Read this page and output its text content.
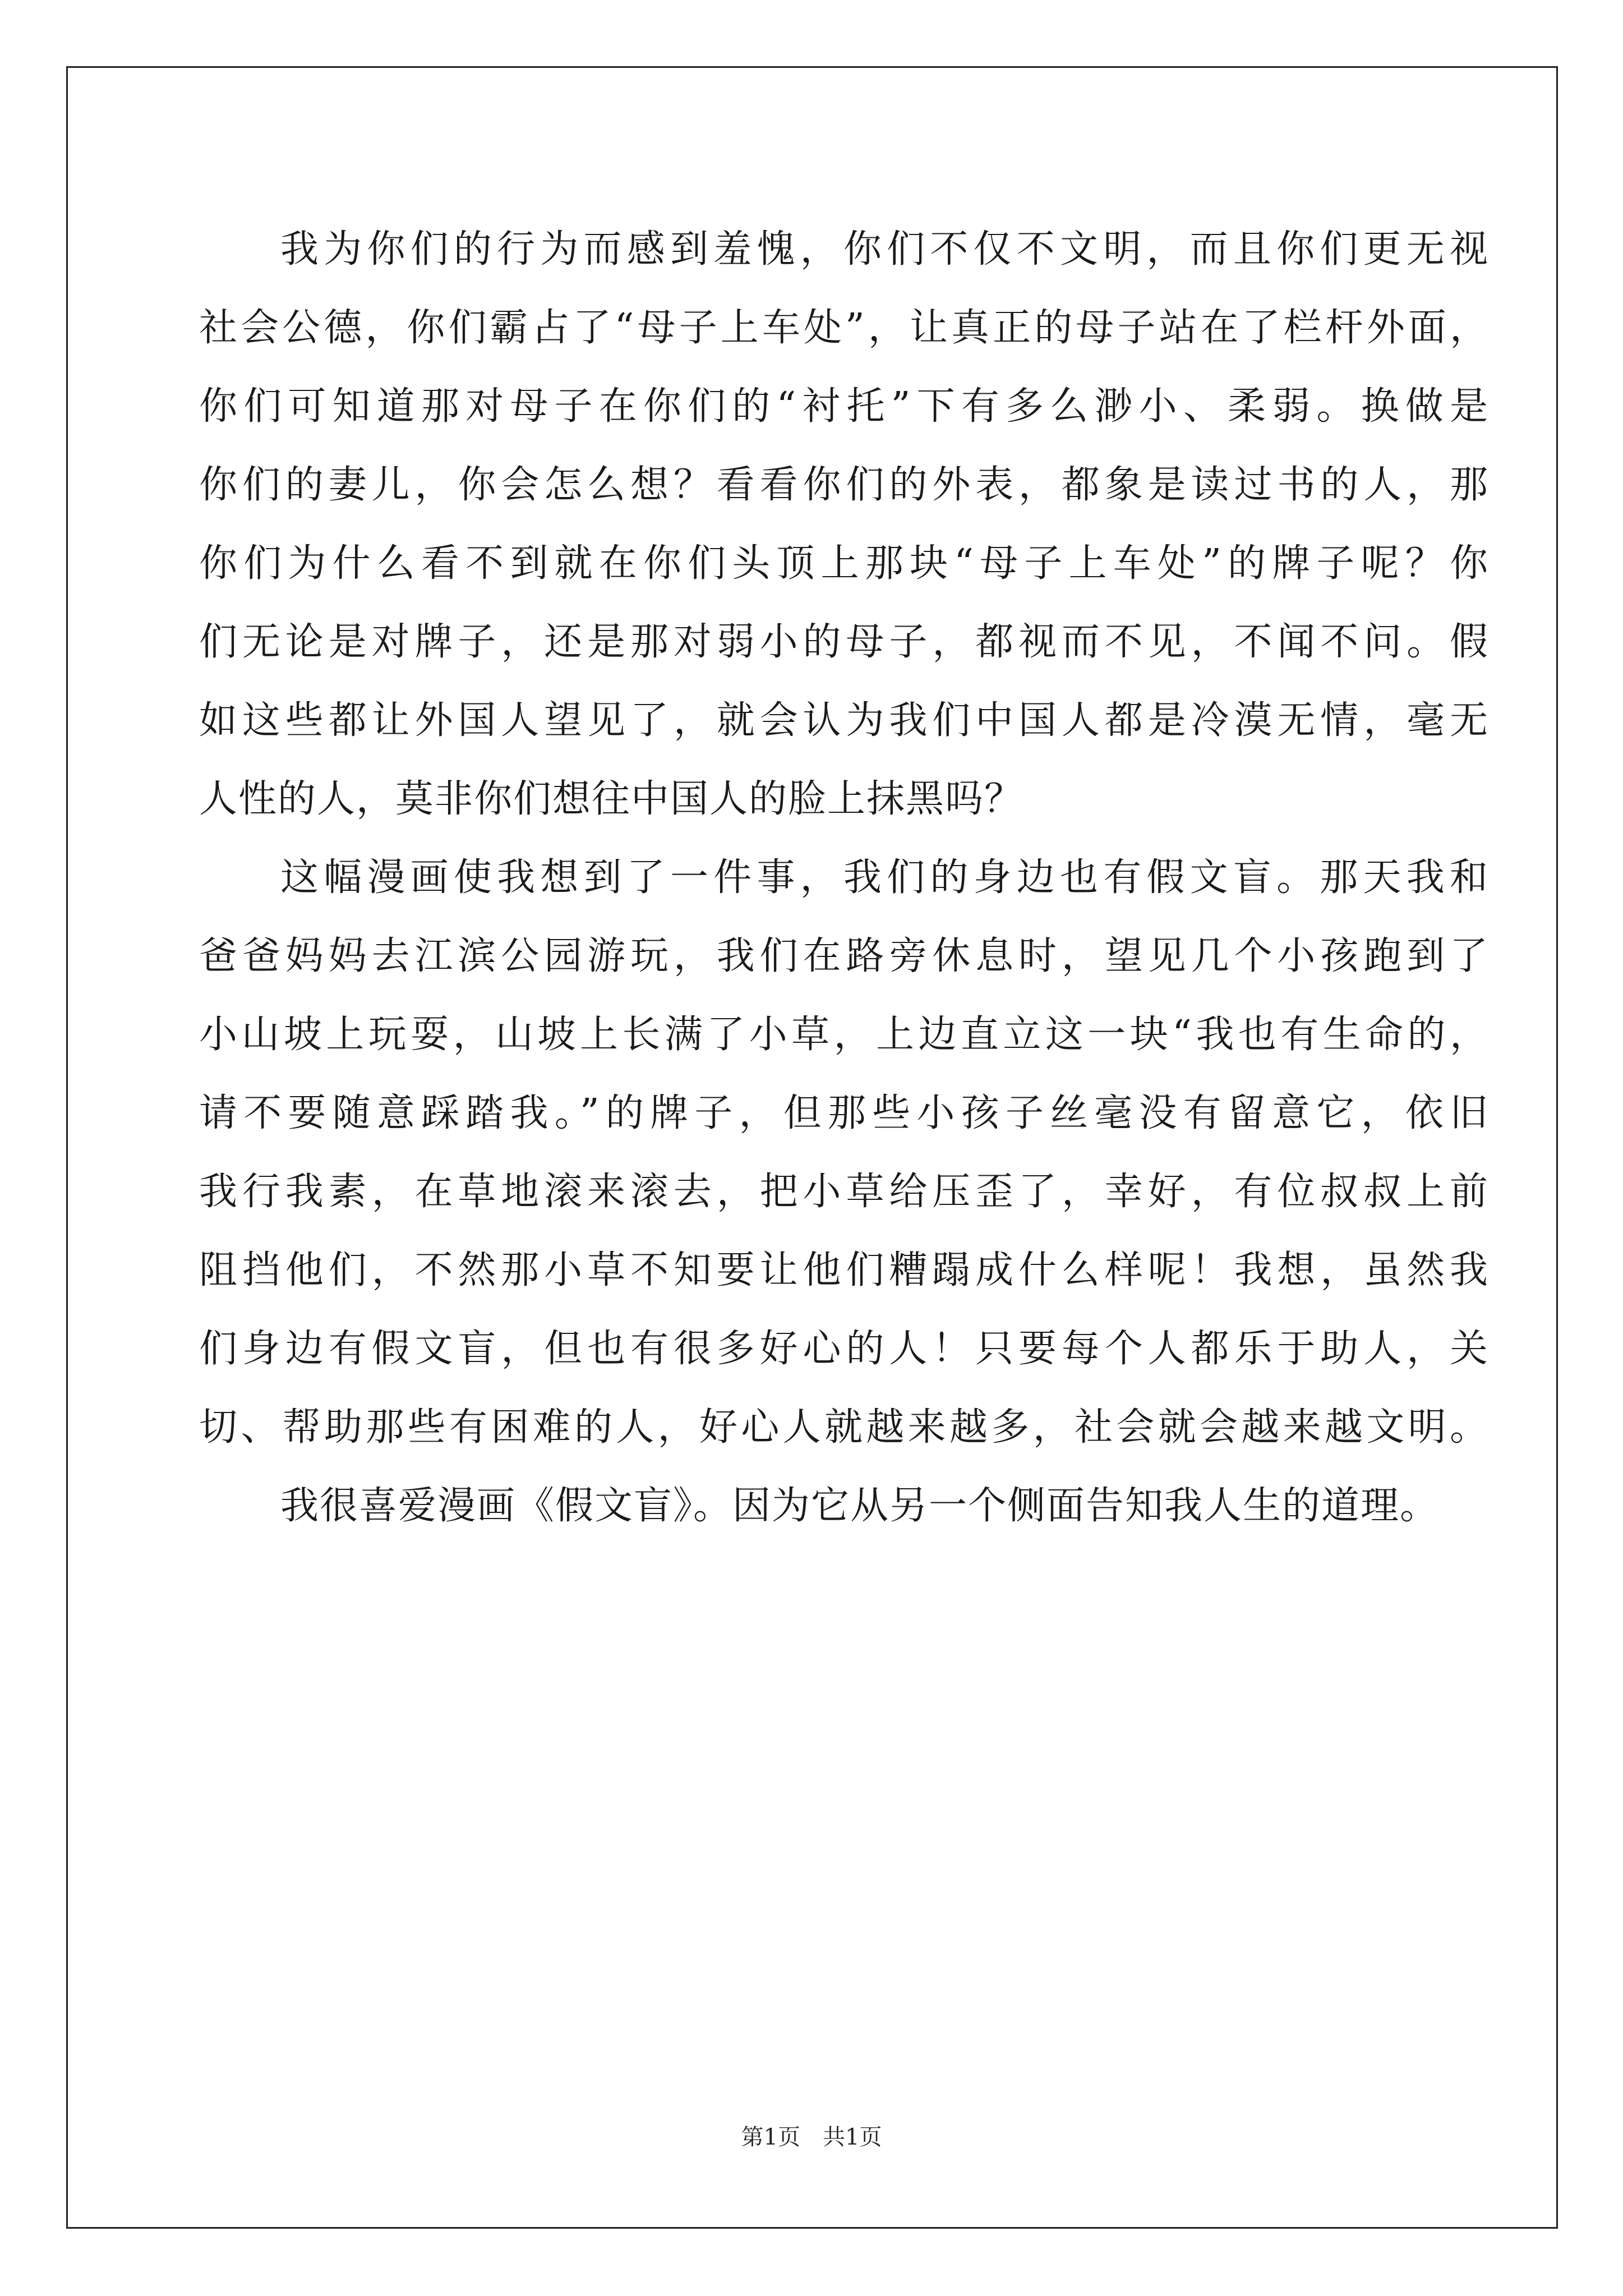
我为你们的行为而感到羞愧，你们不仅不文明，而且你们更无视
社会公德，你们霸占了“母子上车处”，让真正的母子站在了栏杆外面，
你们可知道那对母子在你们的“衬托”下有多么渺小、柔弱。换做是
你们的妻儿，你会怎么想？看看你们的外表，都象是读过书的人，那
你们为什么看不到就在你们头顶上那块“母子上车处”的牌子呢？你
们无论是对牌子，还是那对弱小的母子，都视而不见，不闻不问。假
如这些都让外国人望见了，就会认为我们中国人都是冷漠无情，毫无
人性的人，莫非你们想往中国人的脸上抹黑吗？
这幅漫画使我想到了一件事，我们的身边也有假文盲。那天我和
爸爸妈妈去江滨公园游玩，我们在路旁休息时，望见几个小孩跑到了
小山坡上玩耍，山坡上长满了小草，上边直立这一块“我也有生命的，
请不要随意踩踏我。”的牌子，但那些小孩子丝毫没有留意它，依旧
我行我素，在草地滚来滚去，把小草给压歪了，幸好，有位叔叔上前
阻挡他们，不然那小草不知要让他们糟蹋成什么样呢！我想，虽然我
们身边有假文盲，但也有很多好心的人！只要每个人都乐于助人，关
切、帮助那些有困难的人，好心人就越来越多，社会就会越来越文明。
我很喜爱漫画《假文盲》。因为它从另一个侧面告知我人生的道理。
第1页　共1页
